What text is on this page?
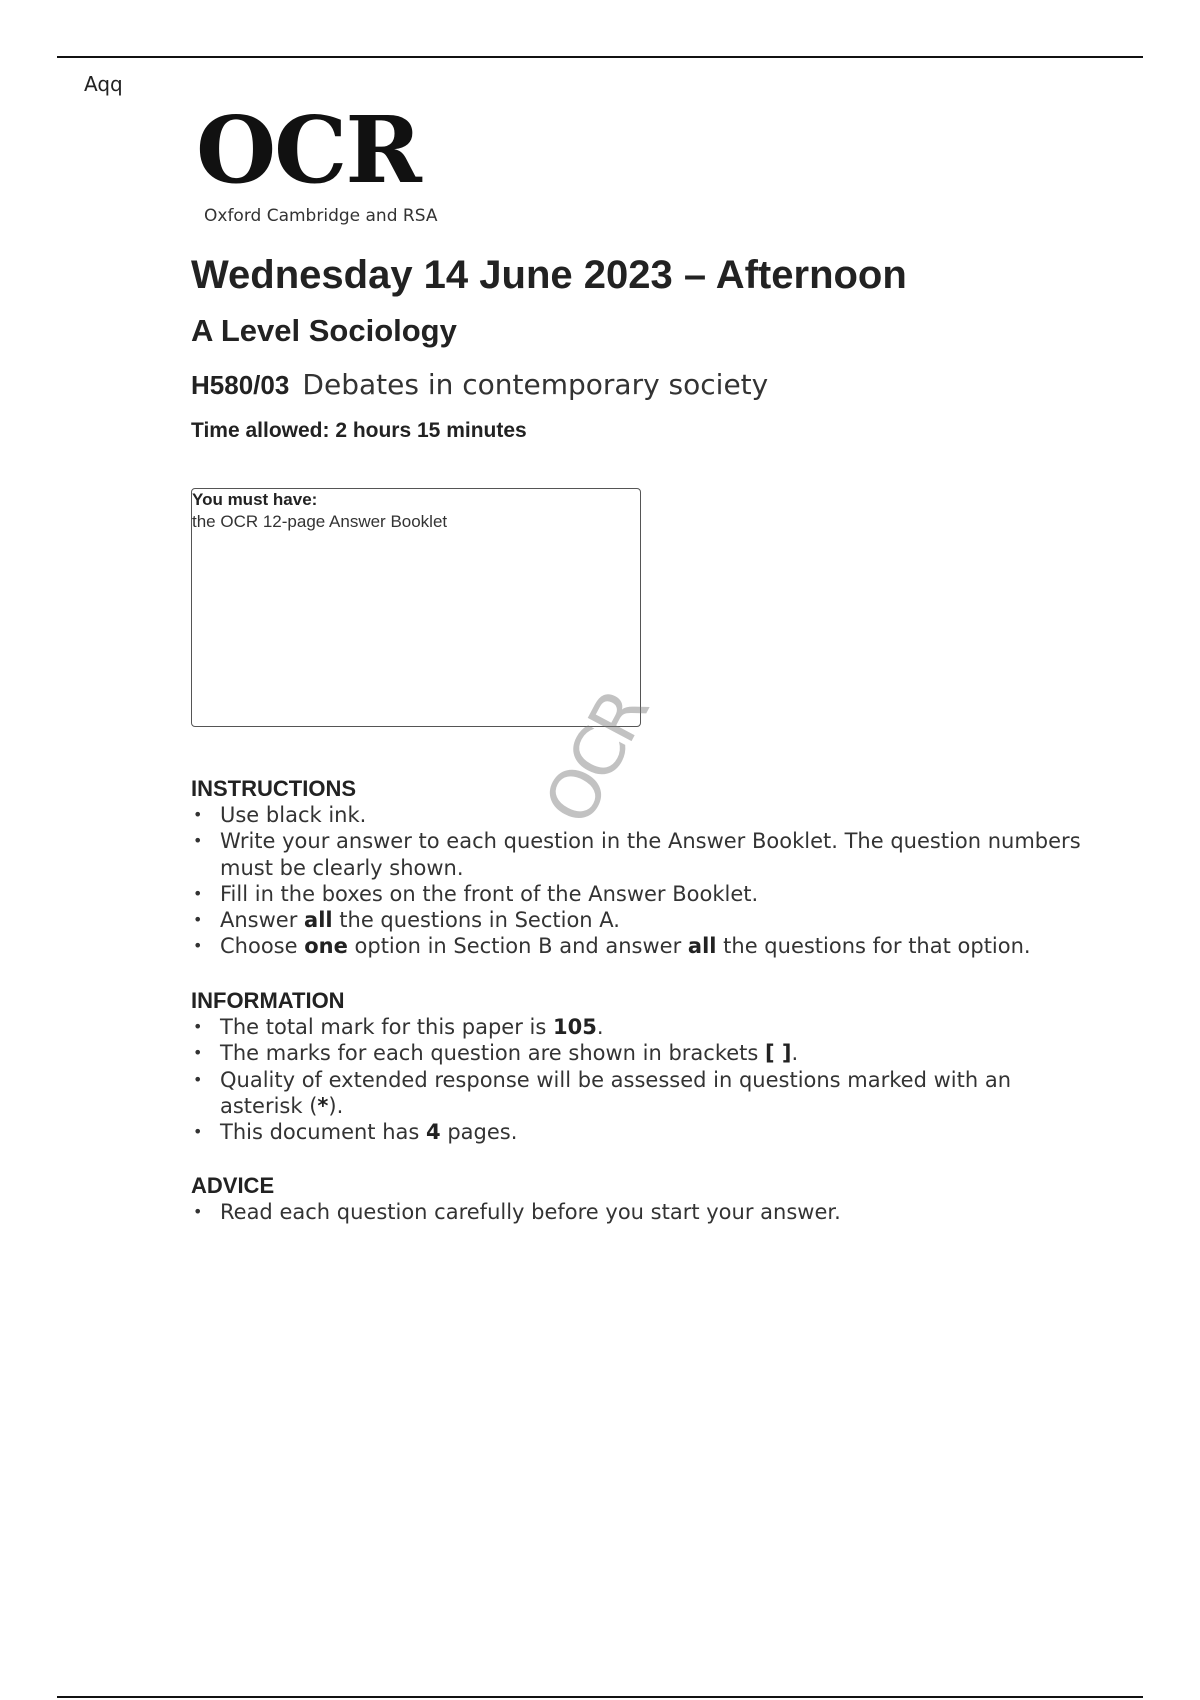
Aqq
OCR
Oxford Cambridge and RSA
Wednesday 14 June 2023 – Afternoon
A Level Sociology
H580/03 Debates in contemporary society
Time allowed: 2 hours 15 minutes
You must have:
the OCR 12-page Answer Booklet
OCR
INSTRUCTIONS
• Use black ink.
• Write your answer to each question in the Answer Booklet. The question numbers must be clearly shown.
• Fill in the boxes on the front of the Answer Booklet.
• Answer all the questions in Section A.
• Choose one option in Section B and answer all the questions for that option.
INFORMATION
• The total mark for this paper is 105.
• The marks for each question are shown in brackets [ ].
• Quality of extended response will be assessed in questions marked with an asterisk (*).
• This document has 4 pages.
ADVICE
• Read each question carefully before you start your answer.
